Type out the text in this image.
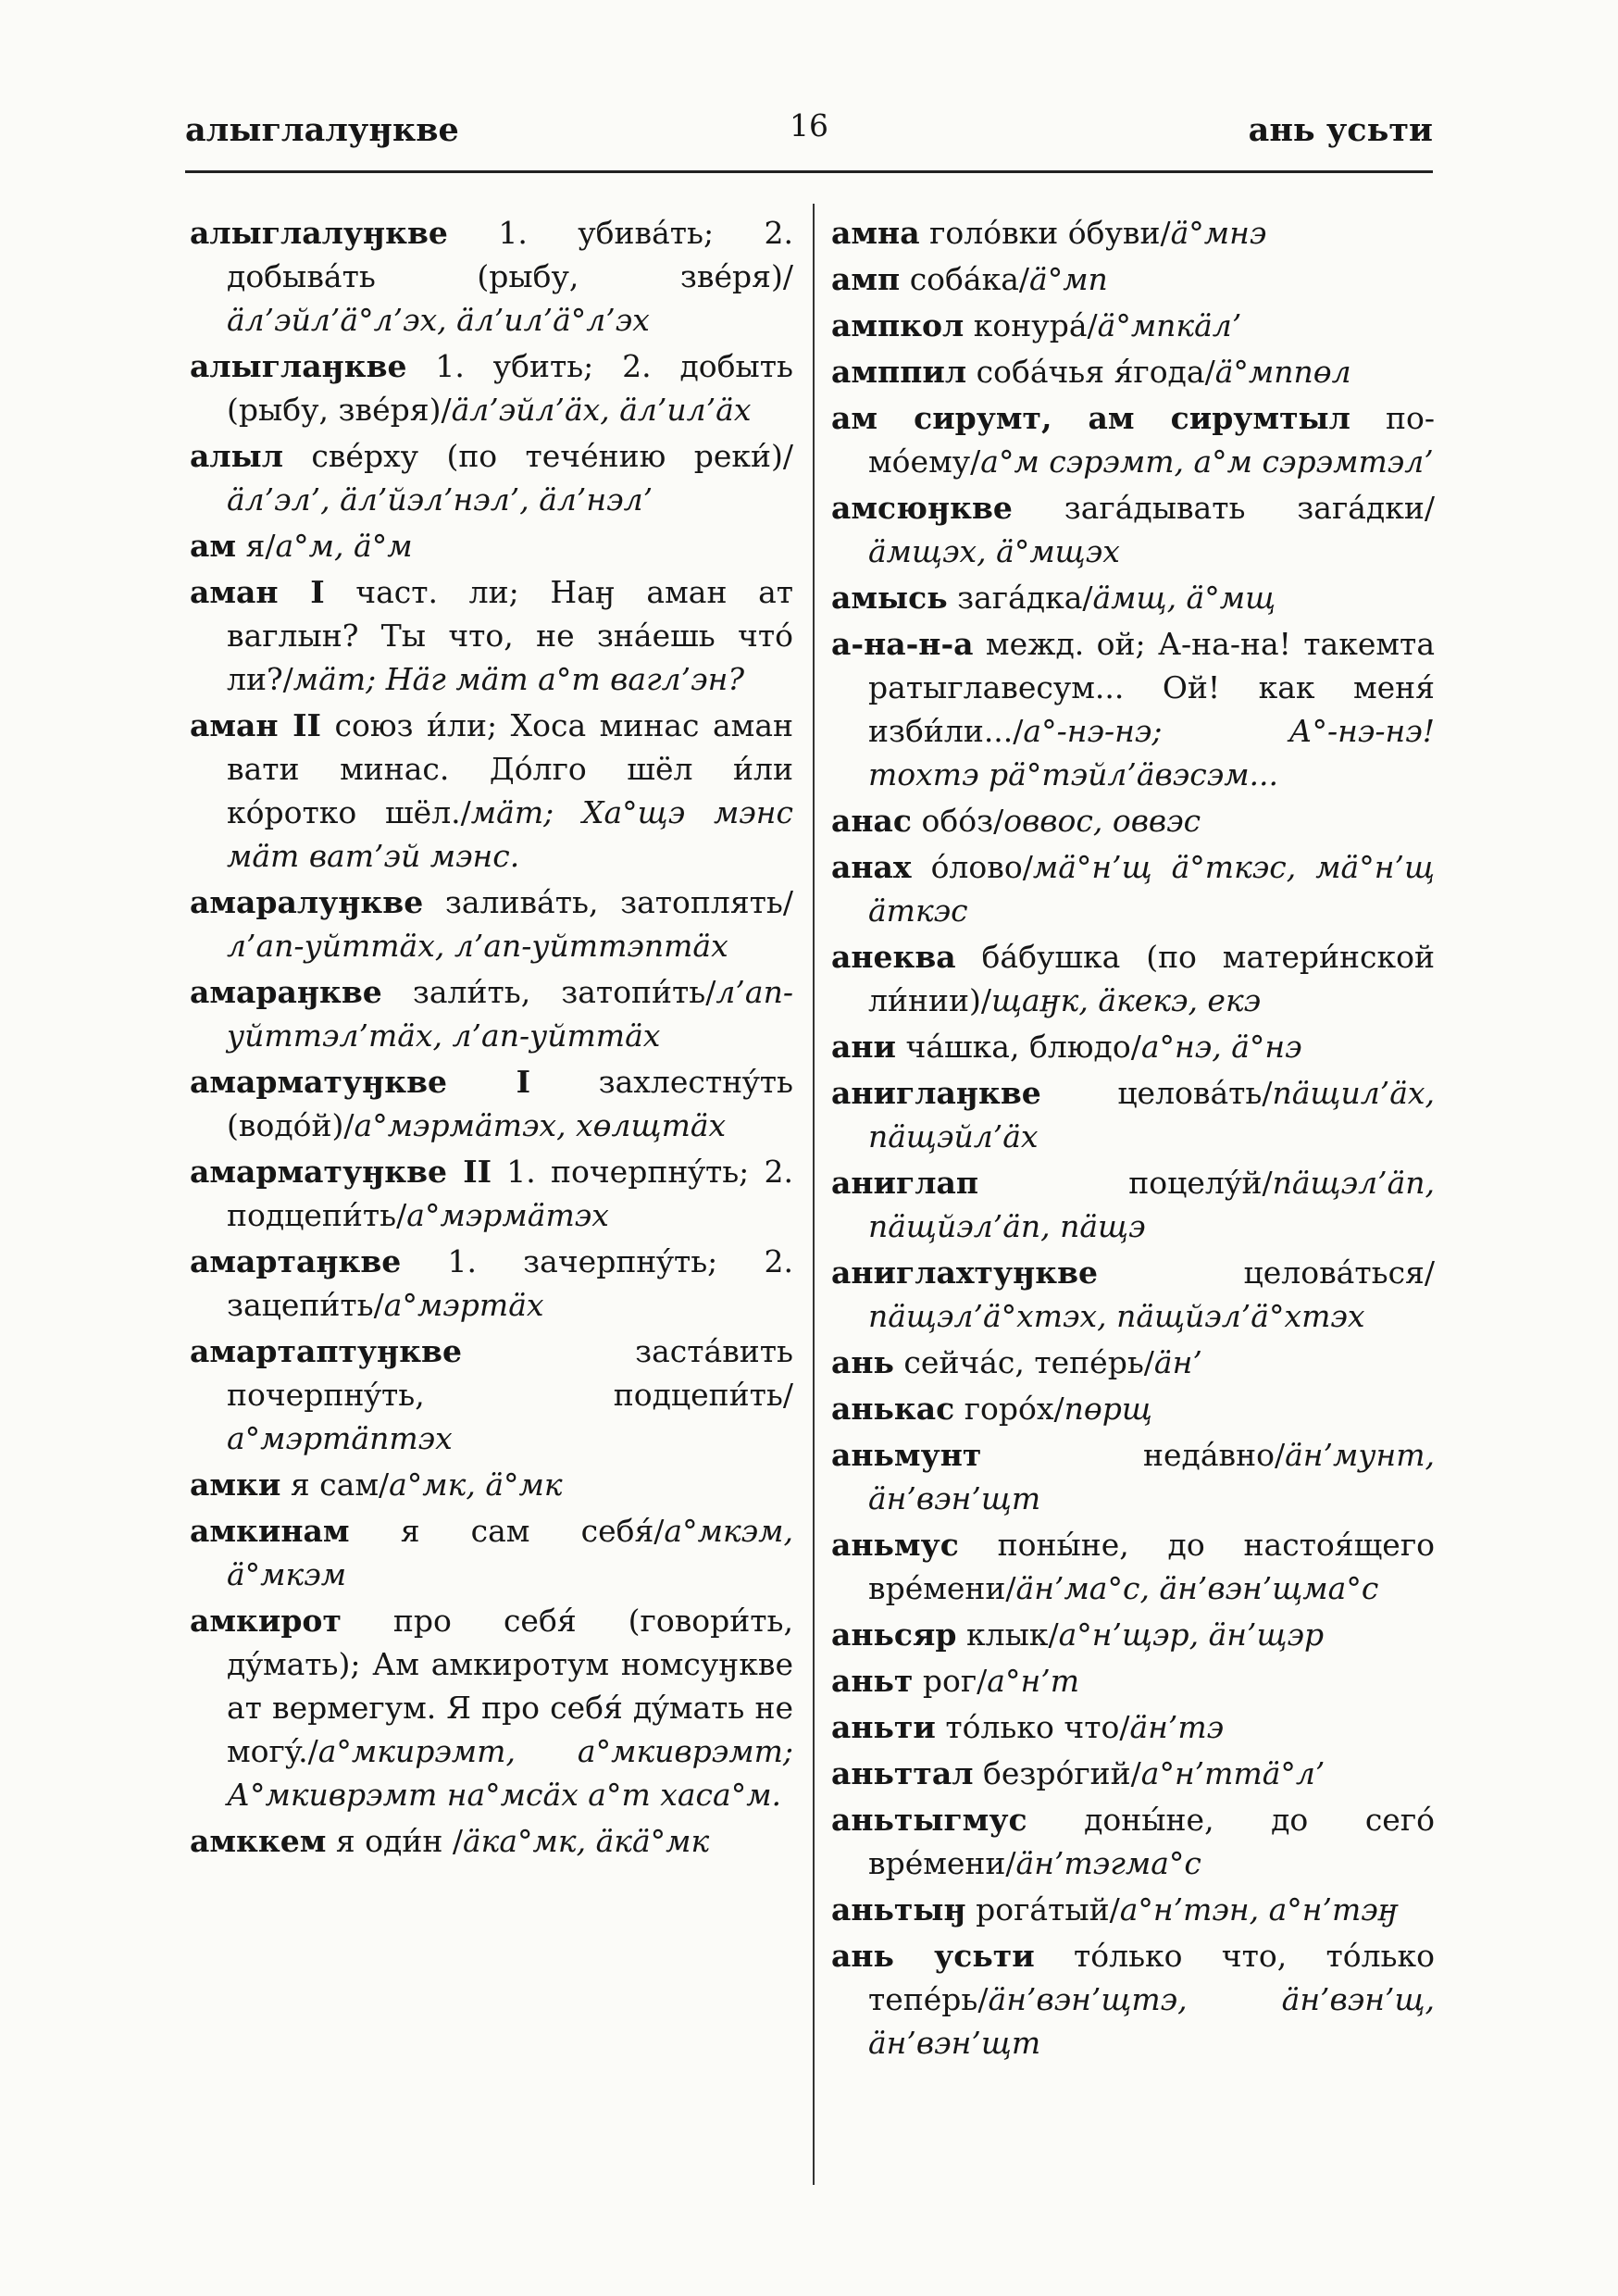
алыглалуӈкве	16	ань усьти

алыглалуӈкве 1. убивáть; 2. добывáть (рыбу, звéря)/äл’эйл’ä°л’эх, äл’ил’ä°л’эх

алыглаӈкве 1. убить; 2. добыть (рыбу, звéря)/äл’эйл’äх, äл’ил’äх

алыл свéрху (по течéнию реки́)/äл’эл’, äл’йэл’нэл’, äл’нэл’

ам я/а°м, ä°м

аман I част. ли; Наӈ аман ат ваглын? Ты что, не знáешь чтó ли?/мäт; Нäг мäт а°т вагл’эн?

аман II союз и́ли; Хоса минас аман вати минас. Дóлго шёл и́ли кóротко шёл./мäт; Ха°щэ мэнс мäт ват’эй мэнс.

амаралуӈкве заливáть, затоплять/л’ап-уйттäх, л’ап-уйттэптäх

амараӈкве зали́ть, затопи́ть/л’ап-уйттэл’тäх, л’ап-уйттäх

амарматуӈкве I захлестнýть (водóй)/а°мэрмäтэх, хөлщтäх

амарматуӈкве II 1. почерпнýть; 2. подцепи́ть/а°мэрмäтэх

амартаӈкве 1. зачерпнýть; 2. зацепи́ть/а°мэртäх

амартаптуӈкве застáвить почерпнýть, подцепи́ть/а°мэртäптэх

амки я сам/а°мк, ä°мк

амкинам я сам себя́/а°мкэм, ä°мкэм

амкирот про себя́ (говори́ть, дýмать); Ам амкиротум номсуӈкве ат вермегум. Я про себя́ дýмать не могý./а°мкирэмт, а°мкиврэмт; А°мкиврэмт на°мсäх а°т хаса°м.

амккем я оди́н /äка°мк, äкä°мк

амна голóвки óбуви/ä°мнэ

амп собáка/ä°мп

ампкол конурá/ä°мпкäл’

амппил собáчья я́года/ä°мппөл

ам сирумт, ам сирумтыл по-мóему/а°м сэрэмт, а°м сэрэмтэл’

амсюӈкве загáдывать загáдки/äмщэх, ä°мщэх

амысь загáдка/äмщ, ä°мщ

а-на-н-а межд. ой; А-на-на! такемта ратыглавесум... Ой! как меня́ изби́ли.../а°-нэ-нэ; А°-нэ-нэ! тохтэ рä°тэйл’äвэсэм...

анас обóз/оввос, оввэс

анах óлово/мä°н’щ ä°ткэс, мä°н’щ äткэс

анеква бáбушка (по матери́нской ли́нии)/щаӈк, äкекэ, екэ

ани чáшка, блюдо/а°нэ, ä°нэ

аниглаӈкве целовáть/пäщил’äх, пäщэйл’äх

аниглап поцелýй/пäщэл’äп, пäщйэл’äп, пäщэ

аниглахтуӈкве целовáться/пäщэл’ä°хтэх, пäщйэл’ä°хтэх

ань сейчáс, тепéрь/äн’

анькас горóх/пөрщ

аньмунт недáвно/äн’мунт, äн’вэн’щт

аньмус поны́не, до настоя́щего врéмени/äн’ма°с, äн’вэн’щма°с

аньсяр клык/а°н’щэр, äн’щэр

аньт рог/а°н’т

аньти тóлько что/äн’тэ

аньттал безрóгий/а°н’ттä°л’

аньтыгмус доны́не, до сегó врéмени/äн’тэгма°с

аньтыӈ рогáтый/а°н’тэн, а°н’тэӈ

ань усьти тóлько что, тóлько тепéрь/äн’вэн’щтэ, äн’вэн’щ, äн’вэн’щт
